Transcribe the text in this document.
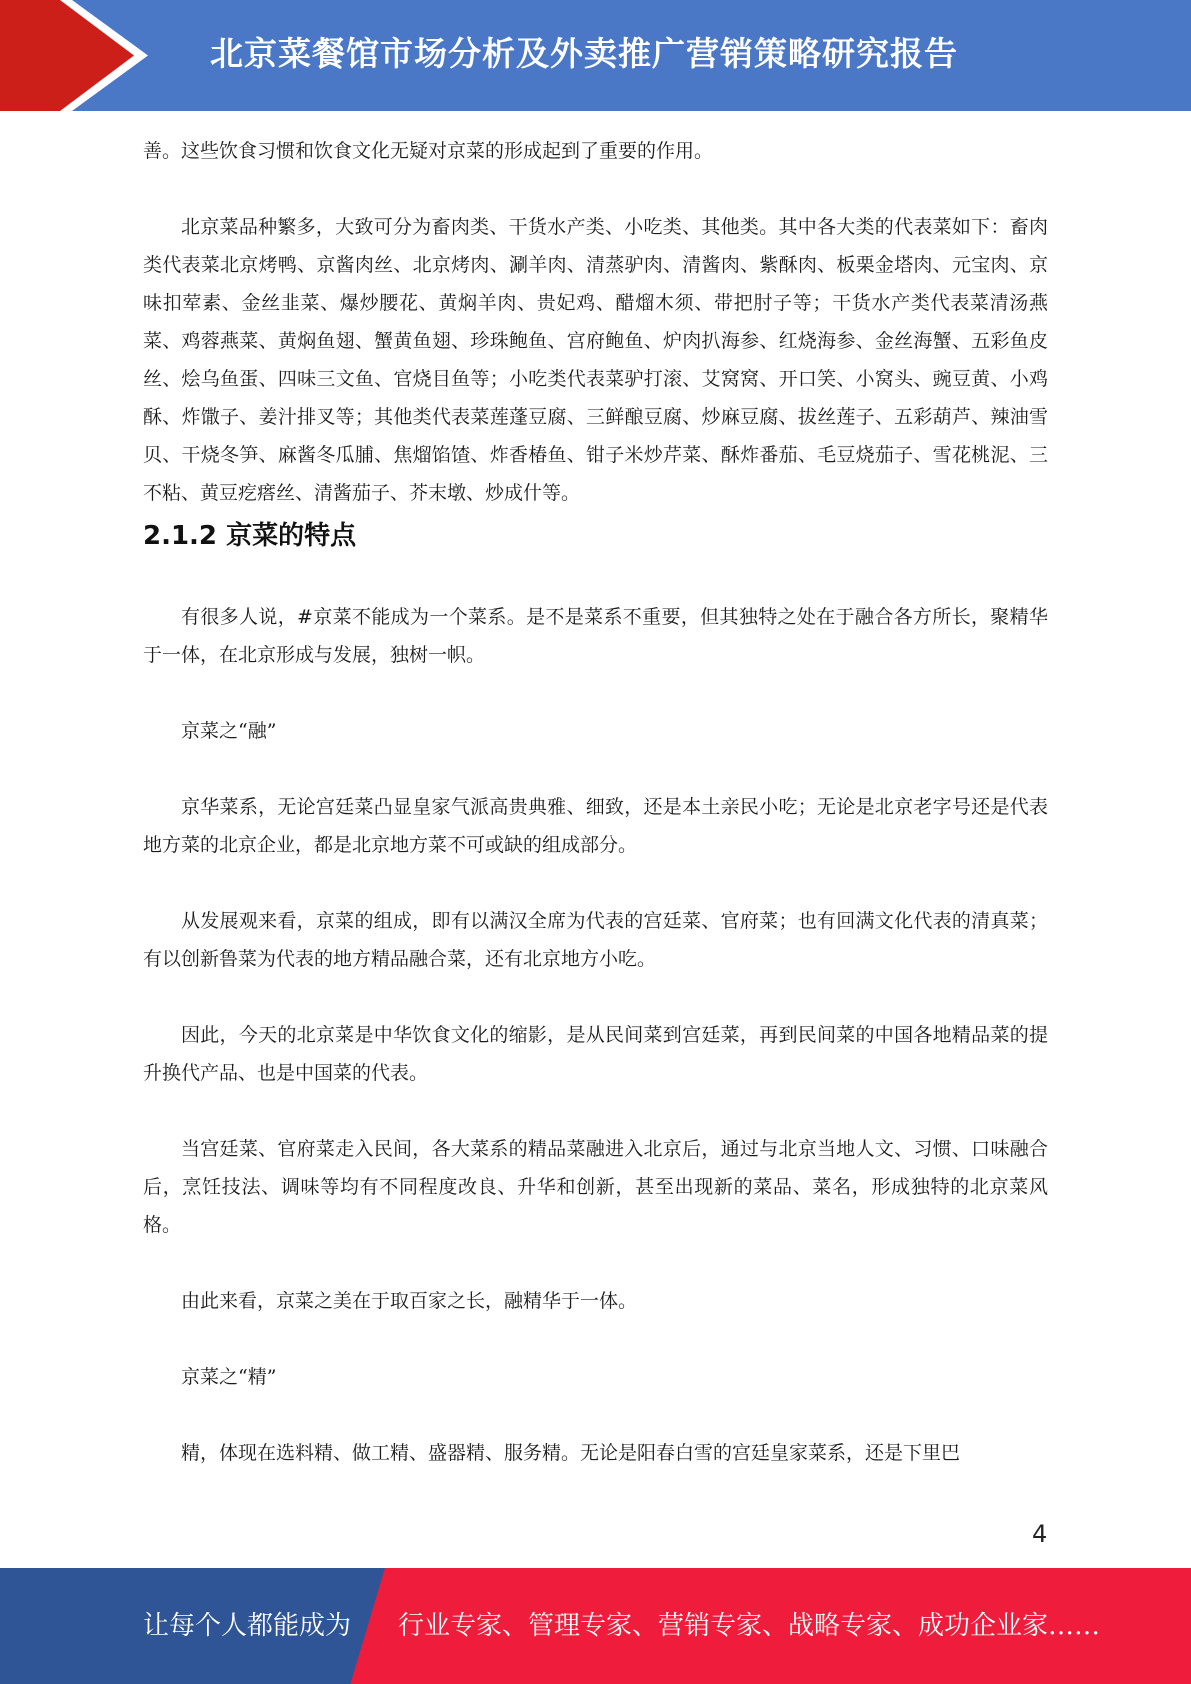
北京菜餐馆市场分析及外卖推广营销策略研究报告

善。这些饮食习惯和饮食文化无疑对京菜的形成起到了重要的作用。

北京菜品种繁多，大致可分为畜肉类、干货水产类、小吃类、其他类。其中各大类的代表菜如下：畜肉类代表菜北京烤鸭、京酱肉丝、北京烤肉、涮羊肉、清蒸驴肉、清酱肉、紫酥肉、板栗金塔肉、元宝肉、京味扣荤素、金丝韭菜、爆炒腰花、黄焖羊肉、贵妃鸡、醋熘木须、带把肘子等；干货水产类代表菜清汤燕菜、鸡蓉燕菜、黄焖鱼翅、蟹黄鱼翅、珍珠鲍鱼、宫府鲍鱼、炉肉扒海参、红烧海参、金丝海蟹、五彩鱼皮丝、烩乌鱼蛋、四味三文鱼、官烧目鱼等；小吃类代表菜驴打滚、艾窝窝、开口笑、小窝头、豌豆黄、小鸡酥、炸馓子、姜汁排叉等；其他类代表菜莲蓬豆腐、三鲜酿豆腐、炒麻豆腐、拔丝莲子、五彩葫芦、辣油雪贝、干烧冬笋、麻酱冬瓜脯、焦熘馅馇、炸香椿鱼、钳子米炒芹菜、酥炸番茄、毛豆烧茄子、雪花桃泥、三不粘、黄豆疙瘩丝、清酱茄子、芥末墩、炒成什等。

2.1.2 京菜的特点

有很多人说，#京菜不能成为一个菜系。是不是菜系不重要，但其独特之处在于融合各方所长，聚精华于一体，在北京形成与发展，独树一帜。

京菜之“融”

京华菜系，无论宫廷菜凸显皇家气派高贵典雅、细致，还是本土亲民小吃；无论是北京老字号还是代表地方菜的北京企业，都是北京地方菜不可或缺的组成部分。

从发展观来看，京菜的组成，即有以满汉全席为代表的宫廷菜、官府菜；也有回满文化代表的清真菜；有以创新鲁菜为代表的地方精品融合菜，还有北京地方小吃。

因此，今天的北京菜是中华饮食文化的缩影，是从民间菜到宫廷菜，再到民间菜的中国各地精品菜的提升换代产品、也是中国菜的代表。

当宫廷菜、官府菜走入民间，各大菜系的精品菜融进入北京后，通过与北京当地人文、习惯、口味融合后，烹饪技法、调味等均有不同程度改良、升华和创新，甚至出现新的菜品、菜名，形成独特的北京菜风格。

由此来看，京菜之美在于取百家之长，融精华于一体。

京菜之“精”

精，体现在选料精、做工精、盛器精、服务精。无论是阳春白雪的宫廷皇家菜系，还是下里巴

4
让每个人都能成为 行业专家、管理专家、营销专家、战略专家、成功企业家……
